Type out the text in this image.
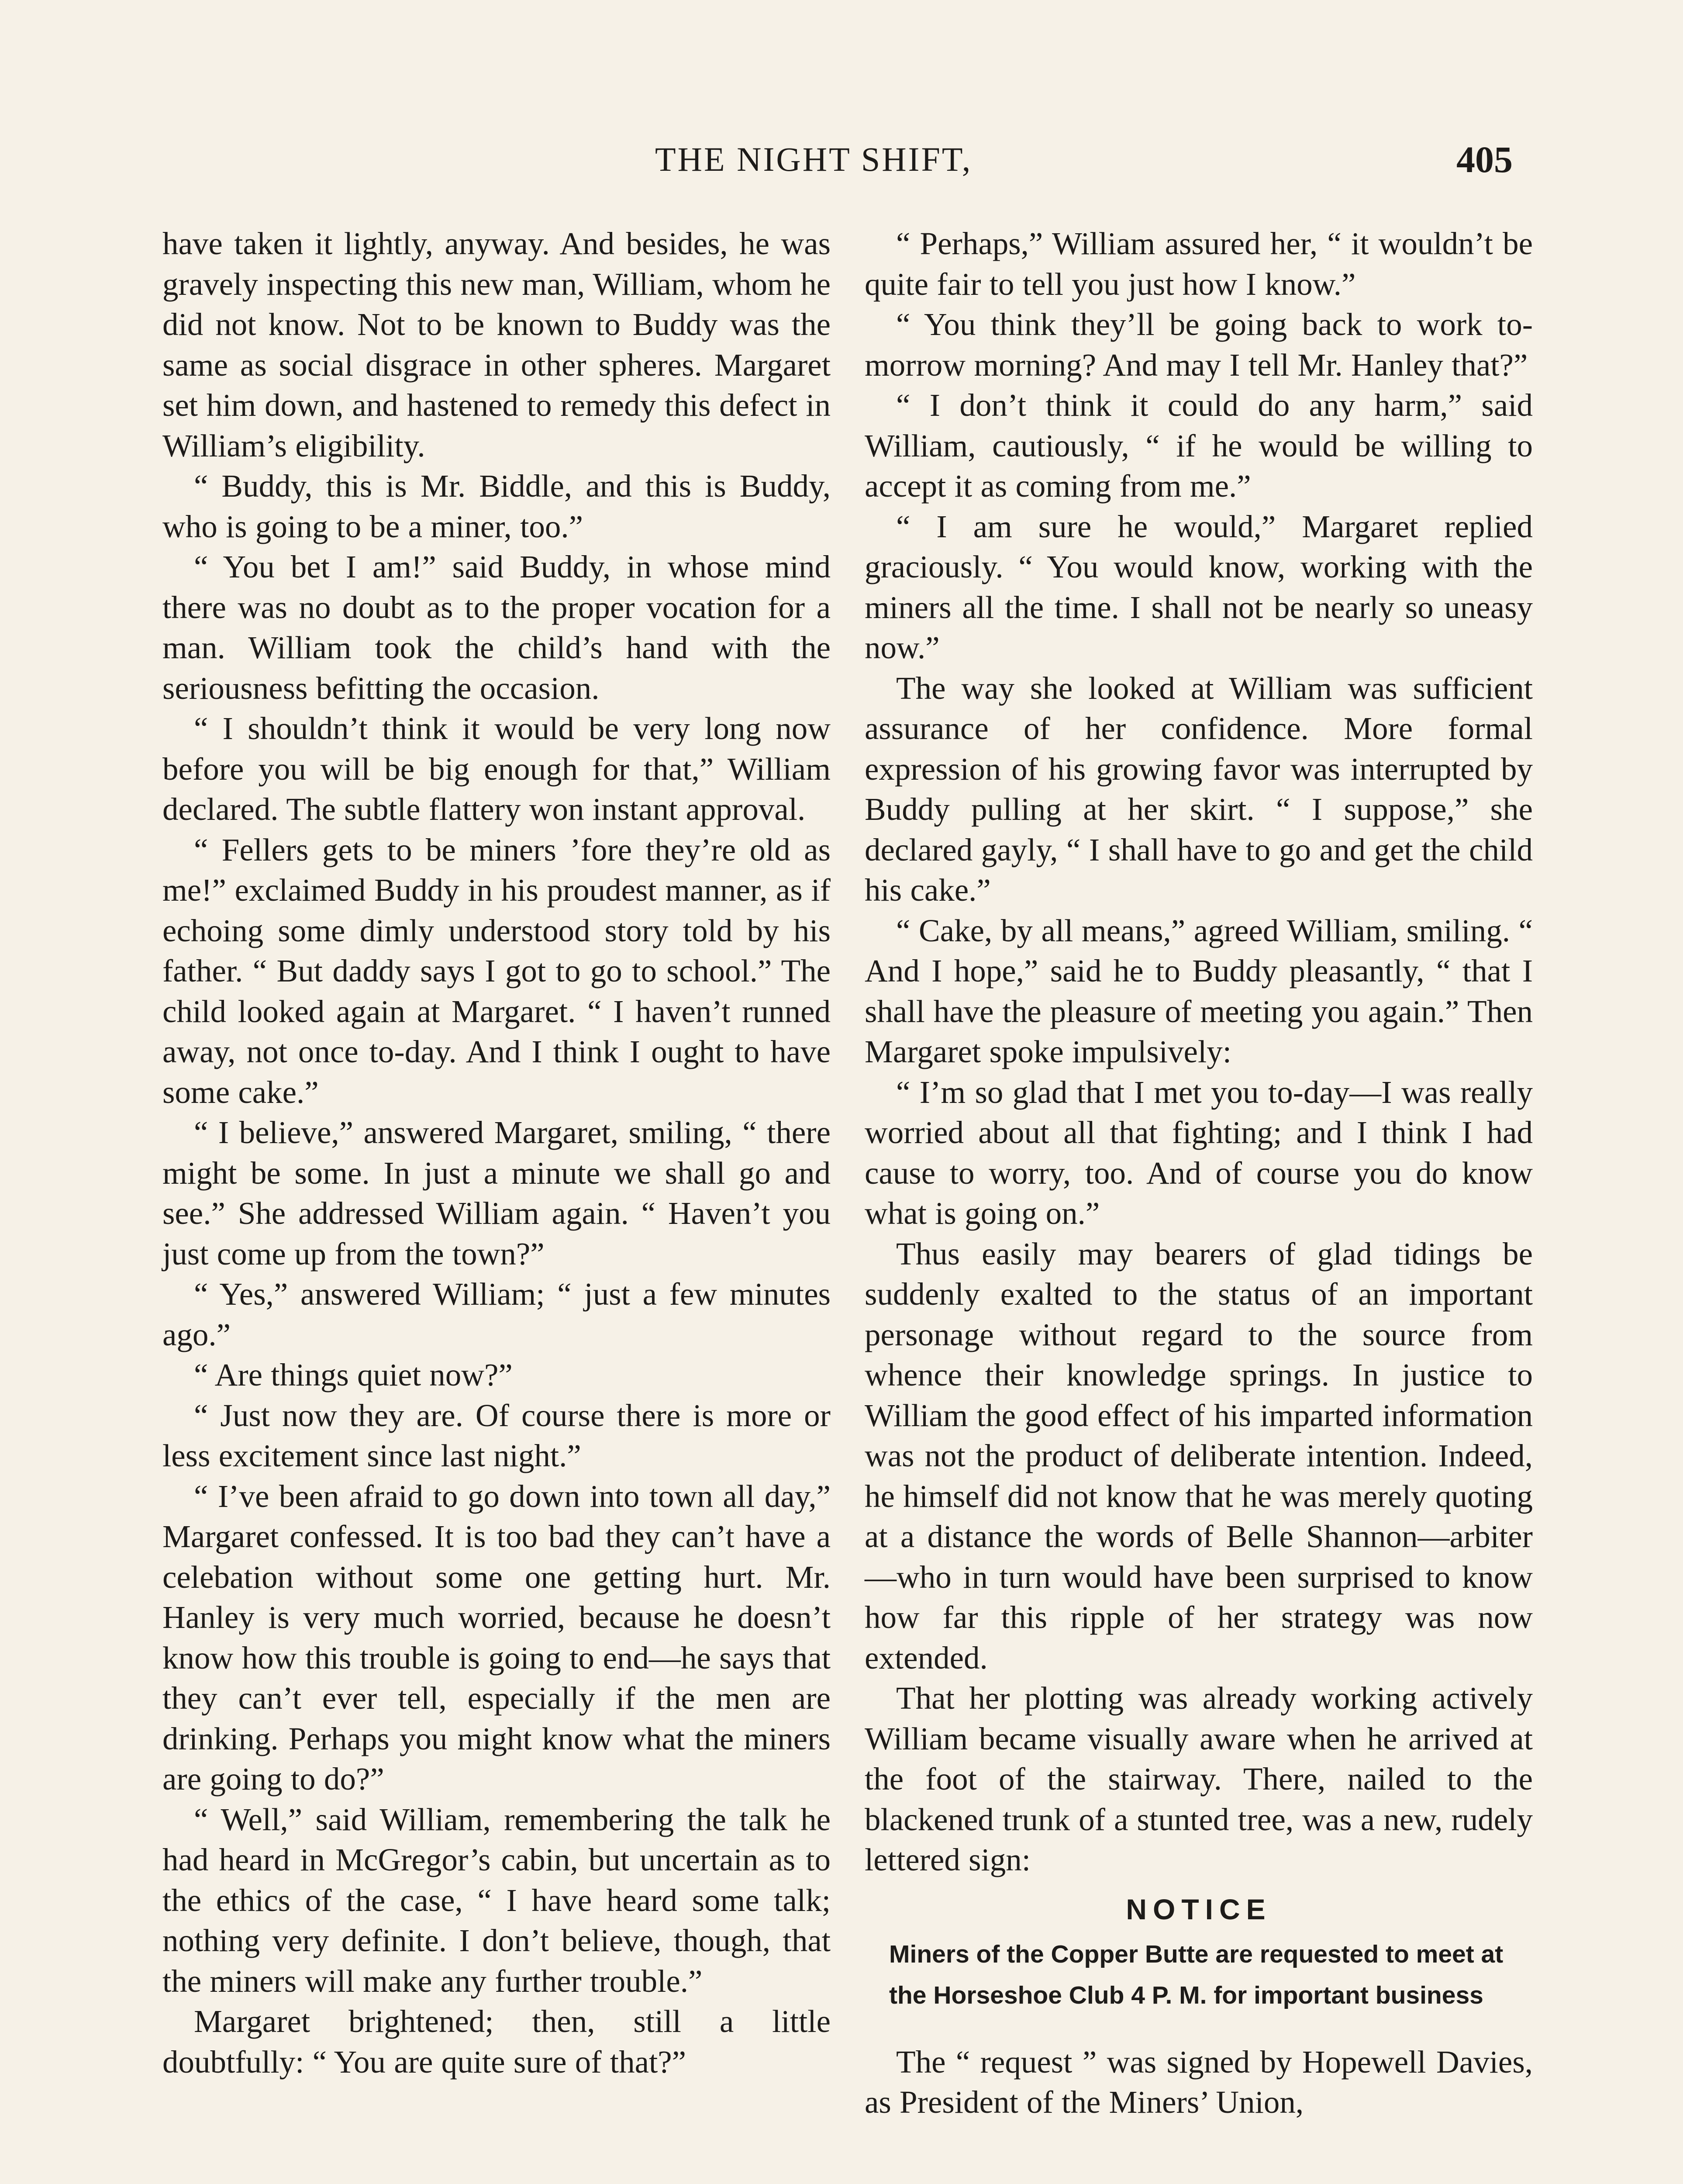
THE NIGHT SHIFT,	405

have taken it lightly, anyway. And besides, he was gravely inspecting this new man, William, whom he did not know. Not to be known to Buddy was the same as social disgrace in other spheres. Margaret set him down, and hastened to remedy this defect in William’s eligibility.

“ Buddy, this is Mr. Biddle, and this is Buddy, who is going to be a miner, too.”

“ You bet I am!” said Buddy, in whose mind there was no doubt as to the proper vocation for a man. William took the child’s hand with the seriousness befitting the occasion.

“ I shouldn’t think it would be very long now before you will be big enough for that,” William declared. The subtle flattery won instant approval.

“ Fellers gets to be miners ’fore they’re old as me!” exclaimed Buddy in his proudest manner, as if echoing some dimly understood story told by his father. “ But daddy says I got to go to school.” The child looked again at Margaret. “ I haven’t runned away, not once to-day. And I think I ought to have some cake.”

“ I believe,” answered Margaret, smiling, “ there might be some. In just a minute we shall go and see.” She addressed William again. “ Haven’t you just come up from the town?”

“ Yes,” answered William; “ just a few minutes ago.”

“ Are things quiet now?”

“ Just now they are. Of course there is more or less excitement since last night.”

“ I’ve been afraid to go down into town all day,” Margaret confessed. It is too bad they can’t have a celebation without some one getting hurt. Mr. Hanley is very much worried, because he doesn’t know how this trouble is going to end—he says that they can’t ever tell, especially if the men are drinking. Perhaps you might know what the miners are going to do?”

“ Well,” said William, remembering the talk he had heard in McGregor’s cabin, but uncertain as to the ethics of the case, “ I have heard some talk; nothing very definite. I don’t believe, though, that the miners will make any further trouble.”

Margaret brightened; then, still a little doubtfully: “ You are quite sure of that?”

“ Perhaps,” William assured her, “ it wouldn’t be quite fair to tell you just how I know.”

“ You think they’ll be going back to work to-morrow morning? And may I tell Mr. Hanley that?”

“ I don’t think it could do any harm,” said William, cautiously, “ if he would be willing to accept it as coming from me.”

“ I am sure he would,” Margaret replied graciously. “ You would know, working with the miners all the time. I shall not be nearly so uneasy now.”

The way she looked at William was sufficient assurance of her confidence. More formal expression of his growing favor was interrupted by Buddy pulling at her skirt. “ I suppose,” she declared gayly, “ I shall have to go and get the child his cake.”

“ Cake, by all means,” agreed William, smiling. “ And I hope,” said he to Buddy pleasantly, “ that I shall have the pleasure of meeting you again.” Then Margaret spoke impulsively:

“ I’m so glad that I met you to-day—I was really worried about all that fighting; and I think I had cause to worry, too. And of course you do know what is going on.”

Thus easily may bearers of glad tidings be suddenly exalted to the status of an important personage without regard to the source from whence their knowledge springs. In justice to William the good effect of his imparted information was not the product of deliberate intention. Indeed, he himself did not know that he was merely quoting at a distance the words of Belle Shannon—arbiter—who in turn would have been surprised to know how far this ripple of her strategy was now extended.

That her plotting was already working actively William became visually aware when he arrived at the foot of the stairway. There, nailed to the blackened trunk of a stunted tree, was a new, rudely lettered sign:

NOTICE
Miners of the Copper Butte are requested to meet at the Horseshoe Club 4 P. M. for important business

The “ request ” was signed by Hopewell Davies, as President of the Miners’ Union,
